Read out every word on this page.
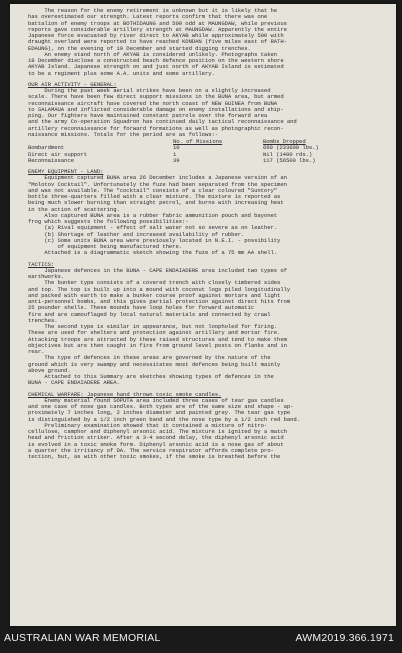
The reason for the enemy retirement is unknown but it is likely that he
has overestimated our strength. Latest reports confirm that there was one
battalion of enemy troops at BOTHIDAUNG and 500 odd at MAUNGDAW, while previous
reports gave considerable artillery strength at MAUNGDAW. Apparently the entire
Japanese force evacuated by river direct to AKYAB while approximately 500 with
draught overland were reported to have reached KONDAN (five miles east of RATH-
EDAUNG), on the evening of 19 December and started digging trenches.
An enemy stand north of AKYAB is considered unlikely. Photographs taken
18 December disclose a constructed beach defence position on the western shore
AKYAB Island. Japanese strength on and just north of AKYAB Island is estimated
to be a regiment plus some A.A. units and some artillery.
OUR AIR ACTIVITY - GENERAL:
During the past week aerial strikes have been on a slightly increased
scale. There have been few direct support missions in the BUNA area, but armed
reconnaissance aircraft have covered the north coast of NEW GUINEA from BUNA
to SALAMAUA and inflicted considerable damage on enemy installations and ship-
ping. Our fighters have maintained constant patrols over the forward area
and the army Co-operation Squadron has continued daily tactical reconnaissance and
artillery reconnaissance for forward formations as well as photographic recon-
naissance missions. Totals for the period are as follows:-
No. of Missions	Bombs Dropped
Bombardment	10	660 (233600 lbs.)
Direct air support	1	Nil (1400 rds.)
Reconnaissance	39	117 (56500 lbs.)
ENEMY EQUIPMENT - LAND:
Equipment captured BUNA area 26 December includes a Japanese version of an
"Molotov Cocktail". Unfortunately the fuze had been separated from the specimen
and was not available. The "cocktail" consists of a clear coloured "Suntory"
bottle three-quarters filled with a clear mixture. The mixture is reported as
being much slower burning than straight petrol, and burns with increasing heat
in the action of scattering.
Also captured BUNA area is a rubber fabric ammunition pouch and bayonet
frog which suggests the following possibilities:-
(a) Rival equipment - effect of salt water not so severe as on leather.
(b) Shortage of leather and increased availability of rubber.
(c) Some units BUNA area were previously located in N.E.I. - possibility
of equipment being manufactured there.
Attached is a diagrammatic sketch showing the fuze of a 75 mm AA shell.
TACTICS:
Japanese defences in the BUNA - CAPE ENDAIADERE area included two types of
earthworks.
The bunker type consists of a covered trench with closely timbered sides
and top. The top is built up into a mound with coconut logs piled longitudinally
and packed with earth to make a bunker course proof against mortars and light
anti-personnel bombs, and this gives partial protection against direct hits from
25 pounder shells. These mounds have loop holes for forward automatic
fire and are camouflaged by local natural materials and connected by crawl
trenches.
The second type is similar in appearance, but not loopholed for firing.
These are used for shelters and protection against artillery and mortar fire.
Attacking troops are attracted by these raised structures and tend to make them
objectives but are then caught in fire from ground level posts on flanks and in
rear.
The type of defences in these areas are governed by the nature of the
ground which is very swampy and necessitates most defences being built mainly
above ground.
Attached to this Summary are sketches showing types of defences in the
BUNA - CAPE ENDAIADERE AREA.
CHEMICAL WARFARE: Japanese hand thrown toxic smoke candles.
Enemy material found SOPUTA area included three cases of tear gas candles
and one case of nose gas candles. Both types are of the same size and shape - ap-
proximately 7 inches long, 2 inches diameter and painted grey. The tear gas type
is distinguished by a 1/2 inch green band and the nose type by a 1/2 inch red band.
Preliminary examination showed that it contained a mixture of nitro-
cellulose, camphor and diphenyl arsonic acid. The mixture is ignited by a match
head and friction striker. After a 3-4 second delay, the diphenyl arsonic acid
is evolved in a toxic smoke form. Diphenyl arsonic acid is a nose gas of about
a quarter the irritancy of DA. The service respirator affords complete pro-
tection, but, as with other toxic smokes, if the smoke is breathed before the
AUSTRALIAN WAR MEMORIAL	AWM2019.366.1971
